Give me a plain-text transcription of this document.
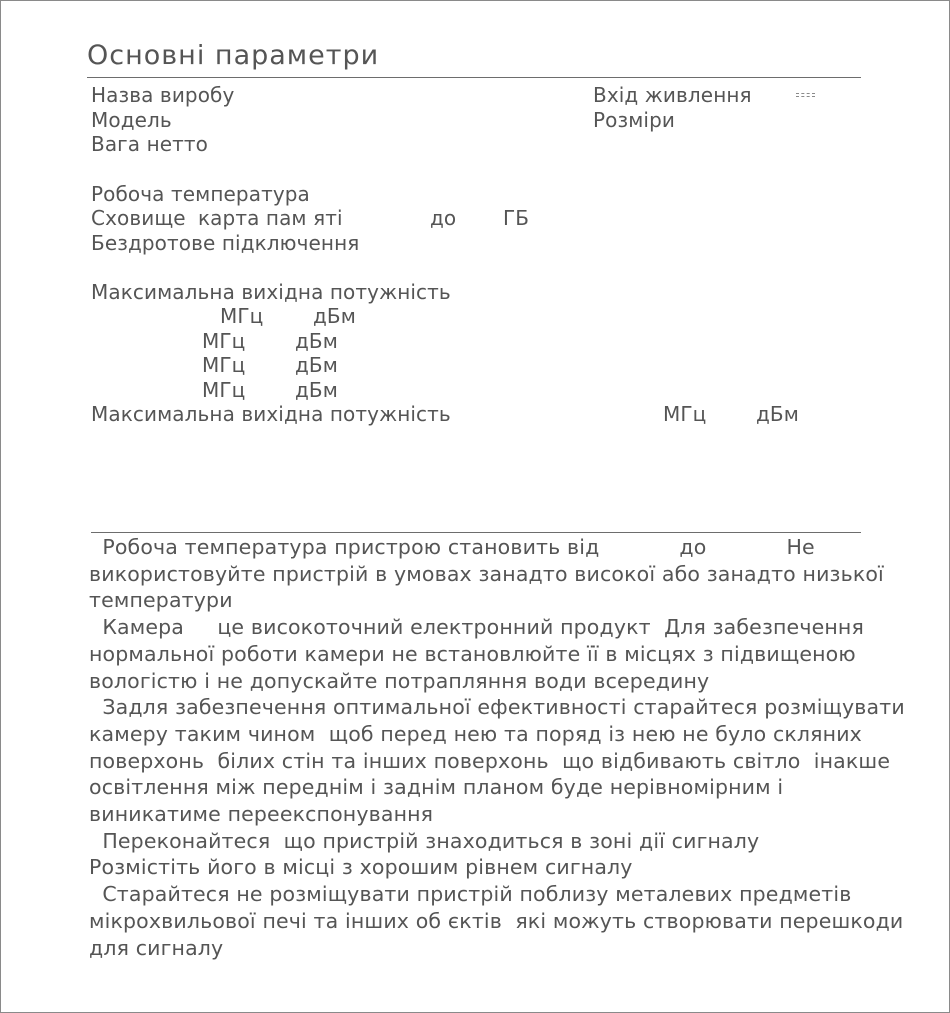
Основні параметри
Назва виробу	Вхід живлення
Модель	Розміри
Вага нетто
Робоча температура
Сховище карта пам яті	до ГБ
Бездротове підключення
Максимальна вихідна потужність
МГц дБм
МГц дБм
МГц дБм
МГц дБм
Максимальна вихідна потужність	МГц дБм

Робоча температура пристрою становить від            до            Не

використовуйте пристрій в умовах занадто високої або занадто низької

температури

Камера     це високоточний електронний продукт  Для забезпечення

нормальної роботи камери не встановлюйте її в місцях з підвищеною

вологістю і не допускайте потрапляння води всередину

Задля забезпечення оптимальної ефективності старайтеся розміщувати

камеру таким чином  щоб перед нею та поряд із нею не було скляних

поверхонь  білих стін та інших поверхонь  що відбивають світло  інакше

освітлення між переднім і заднім планом буде нерівномірним і

виникатиме переекспонування

Переконайтеся  що пристрій знаходиться в зоні дії сигналу

Розмістіть його в місці з хорошим рівнем сигналу

Старайтеся не розміщувати пристрій поблизу металевих предметів

мікрохвильової печі та інших об єктів  які можуть створювати перешкоди

для сигналу
